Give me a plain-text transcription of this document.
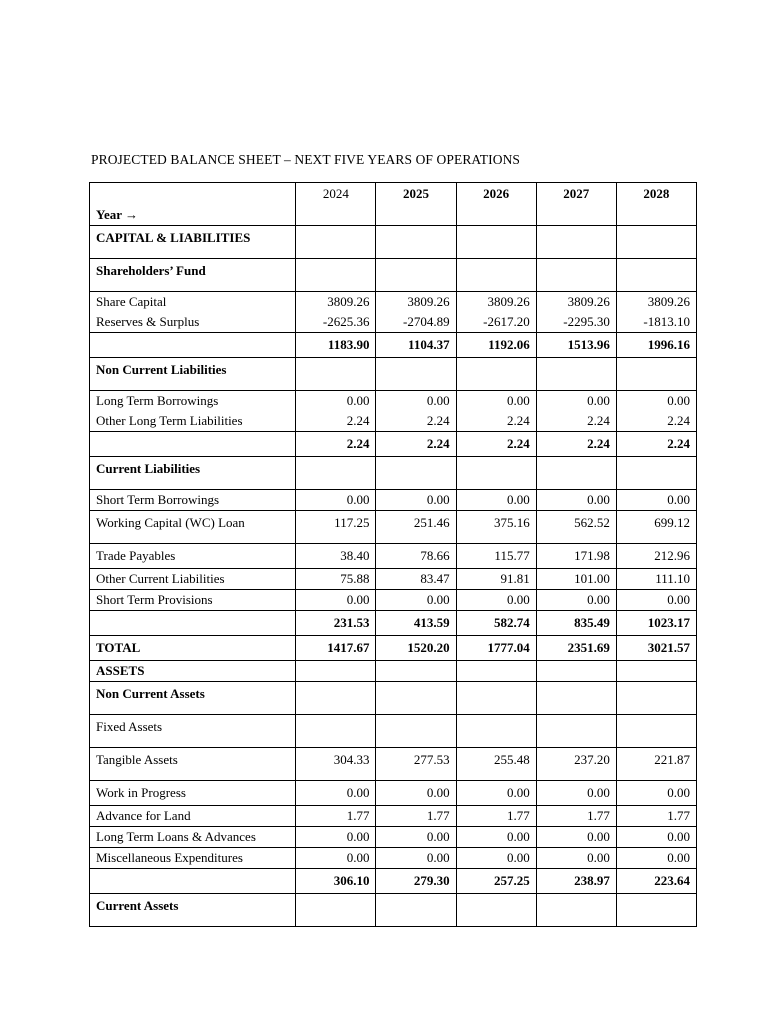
PROJECTED BALANCE SHEET – NEXT FIVE YEARS OF OPERATIONS
Year →	2024	2025	2026	2027	2028
CAPITAL & LIABILITIES					
Shareholders’ Fund					
Share Capital	3809.26	3809.26	3809.26	3809.26	3809.26
Reserves & Surplus	-2625.36	-2704.89	-2617.20	-2295.30	-1813.10
	1183.90	1104.37	1192.06	1513.96	1996.16
Non Current Liabilities					
Long Term Borrowings	0.00	0.00	0.00	0.00	0.00
Other Long Term Liabilities	2.24	2.24	2.24	2.24	2.24
	2.24	2.24	2.24	2.24	2.24
Current Liabilities					
Short Term Borrowings	0.00	0.00	0.00	0.00	0.00
Working Capital (WC) Loan	117.25	251.46	375.16	562.52	699.12
Trade Payables	38.40	78.66	115.77	171.98	212.96
Other Current Liabilities	75.88	83.47	91.81	101.00	111.10
Short Term Provisions	0.00	0.00	0.00	0.00	0.00
	231.53	413.59	582.74	835.49	1023.17
TOTAL	1417.67	1520.20	1777.04	2351.69	3021.57
ASSETS					
Non Current Assets					
Fixed Assets					
Tangible Assets	304.33	277.53	255.48	237.20	221.87
Work in Progress	0.00	0.00	0.00	0.00	0.00
Advance for Land	1.77	1.77	1.77	1.77	1.77
Long Term Loans & Advances	0.00	0.00	0.00	0.00	0.00
Miscellaneous Expenditures	0.00	0.00	0.00	0.00	0.00
	306.10	279.30	257.25	238.97	223.64
Current Assets					
